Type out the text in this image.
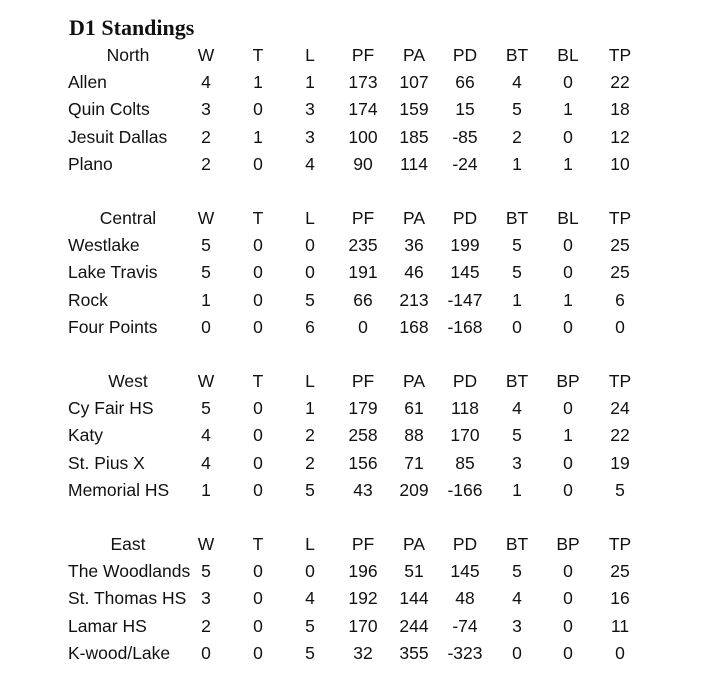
D1 Standings
North	W T L PF PA PD BT BL TP
Allen	4 1 1 173 107 66 4 0 22
Quin Colts	3 0 3 174 159 15 5 1 18
Jesuit Dallas	2 1 3 100 185 -85 2 0 12
Plano	2 0 4 90 114 -24 1 1 10
Central	W T L PF PA PD BT BL TP
Westlake	5 0 0 235 36 199 5 0 25
Lake Travis	5 0 0 191 46 145 5 0 25
Rock	1 0 5 66 213 -147 1 1 6
Four Points	0 0 6 0 168 -168 0 0 0
West	W T L PF PA PD BT BP TP
Cy Fair HS	5 0 1 179 61 118 4 0 24
Katy	4 0 2 258 88 170 5 1 22
St. Pius X	4 0 2 156 71 85 3 0 19
Memorial HS	1 0 5 43 209 -166 1 0 5
East	W T L PF PA PD BT BP TP
The Woodlands 5 0 0 196 51 145 5 0 25
St. Thomas HS 3 0 4 192 144 48 4 0 16
Lamar HS	2 0 5 170 244 -74 3 0 11
K-wood/Lake	0 0 5 32 355 -323 0 0 0
